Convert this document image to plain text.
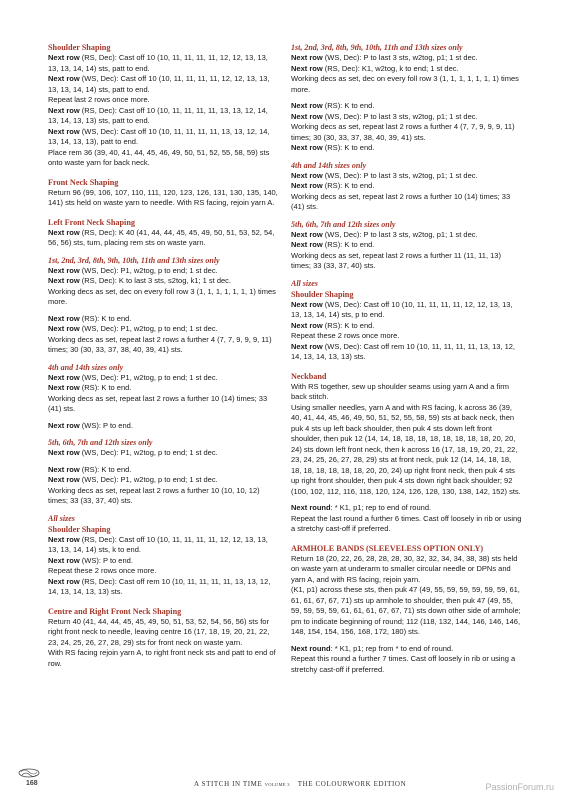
Shoulder Shaping

Next row (RS, Dec): Cast off 10 (10, 11, 11, 11, 11, 12, 12, 13, 13, 13, 13, 14, 14) sts, patt to end.

Next row (WS, Dec): Cast off 10 (10, 11, 11, 11, 11, 12, 12, 13, 13, 13, 13, 14, 14) sts, patt to end.

Repeat last 2 rows once more.

Next row (RS, Dec): Cast off 10 (10, 11, 11, 11, 11, 13, 13, 12, 14, 13, 14, 13, 13) sts, patt to end.

Next row (WS, Dec): Cast off 10 (10, 11, 11, 11, 11, 13, 13, 12, 14, 13, 14, 13, 13), patt to end.

Place rem 36 (39, 40, 41, 44, 45, 46, 49, 50, 51, 52, 55, 58, 59) sts onto waste yarn for back neck.

Front Neck Shaping

Return 96 (99, 106, 107, 110, 111, 120, 123, 126, 131, 130, 135, 140, 141) sts held on waste yarn to needle. With RS facing, rejoin yarn A.

Left Front Neck Shaping

Next row (RS, Dec): K 40 (41, 44, 44, 45, 45, 49, 50, 51, 53, 52, 54, 56, 56) sts, turn, placing rem sts on waste yarn.

1st, 2nd, 3rd, 8th, 9th, 10th, 11th and 13th sizes only

Next row (WS, Dec): P1, w2tog, p to end; 1 st dec.

Next row (RS, Dec): K to last 3 sts, s2tog, k1; 1 st dec.

Working decs as set, dec on every foll row 3 (1, 1, 1, 1, 1, 1, 1) times more.

Next row (RS): K to end.

Next row (WS, Dec): P1, w2tog, p to end; 1 st dec.

Working decs as set, repeat last 2 rows a further 4 (7, 7, 9, 9, 9, 11) times; 30 (30, 33, 37, 38, 40, 39, 41) sts.

4th and 14th sizes only

Next row (WS, Dec): P1, w2tog, p to end; 1 st dec.

Next row (RS): K to end.

Working decs as set, repeat last 2 rows a further 10 (14) times; 33 (41) sts.

Next row (WS): P to end.

5th, 6th, 7th and 12th sizes only

Next row (WS, Dec): P1, w2tog, p to end; 1 st dec.

Next row (RS): K to end.

Next row (WS, Dec): P1, w2tog, p to end; 1 st dec.

Working decs as set, repeat last 2 rows a further 10 (10, 10, 12) times; 33 (33, 37, 40) sts.

All sizes

Shoulder Shaping

Next row (RS, Dec): Cast off 10 (10, 11, 11, 11, 11, 12, 12, 13, 13, 13, 13, 14, 14) sts, k to end.

Next row (WS): P to end.

Repeat these 2 rows once more.

Next row (RS, Dec): Cast off rem 10 (10, 11, 11, 11, 11, 13, 13, 12, 14, 13, 14, 13, 13) sts.

Centre and Right Front Neck Shaping

Return 40 (41, 44, 44, 45, 45, 49, 50, 51, 53, 52, 54, 56, 56) sts for right front neck to needle, leaving centre 16 (17, 18, 19, 20, 21, 22, 23, 24, 25, 26, 27, 28, 29) sts for front neck on waste yarn.

With RS facing rejoin yarn A, to right front neck sts and patt to end of row.

1st, 2nd, 3rd, 8th, 9th, 10th, 11th and 13th sizes only

Next row (WS, Dec): P to last 3 sts, w2tog, p1; 1 st dec.

Next row (RS, Dec): K1, w2tog, k to end; 1 st dec.

Working decs as set, dec on every foll row 3 (1, 1, 1, 1, 1, 1, 1) times more.

Next row (RS): K to end.

Next row (WS, Dec): P to last 3 sts, w2tog, p1; 1 st dec.

Working decs as set, repeat last 2 rows a further 4 (7, 7, 9, 9, 9, 11) times; 30 (30, 33, 37, 38, 40, 39, 41) sts.

Next row (RS): K to end.

4th and 14th sizes only

Next row (WS, Dec): P to last 3 sts, w2tog, p1; 1 st dec.

Next row (RS): K to end.

Working decs as set, repeat last 2 rows a further 10 (14) times; 33 (41) sts.

5th, 6th, 7th and 12th sizes only

Next row (WS, Dec): P to last 3 sts, w2tog, p1; 1 st dec.

Next row (RS): K to end.

Working decs as set, repeat last 2 rows a further 11 (11, 11, 13) times; 33 (33, 37, 40) sts.

All sizes

Shoulder Shaping

Next row (WS, Dec): Cast off 10 (10, 11, 11, 11, 11, 12, 12, 13, 13, 13, 13, 14, 14) sts, p to end.

Next row (RS): K to end.

Repeat these 2 rows once more.

Next row (WS, Dec): Cast off rem 10 (10, 11, 11, 11, 11, 13, 13, 12, 14, 13, 14, 13, 13) sts.

Neckband

With RS together, sew up shoulder seams using yarn A and a firm back stitch.

Using smaller needles, yarn A and with RS facing, k across 36 (39, 40, 41, 44, 45, 46, 49, 50, 51, 52, 55, 58, 59) sts at back neck, then puk 4 sts up left back shoulder, then puk 4 sts down left front shoulder, then puk 12 (14, 14, 18, 18, 18, 18, 18, 18, 18, 18, 20, 20, 24) sts down left front neck, then k across 16 (17, 18, 19, 20, 21, 22, 23, 24, 25, 26, 27, 28, 29) sts at front neck, puk 12 (14, 14, 18, 18, 18, 18, 18, 18, 18, 18, 20, 20, 24) up right front neck, then puk 4 sts up right front shoulder, then puk 4 sts down right back shoulder; 92 (100, 102, 112, 116, 118, 120, 124, 126, 128, 130, 138, 142, 152) sts.

Next round: * K1, p1; rep to end of round.

Repeat the last round a further 6 times. Cast off loosely in rib or using a stretchy cast-off if preferred.

ARMHOLE BANDS (SLEEVELESS OPTION ONLY)

Return 18 (20, 22, 26, 28, 28, 28, 30, 32, 32, 34, 34, 38, 38) sts held on waste yarn at underarm to smaller circular needle or DPNs and yarn A, and with RS facing, rejoin yarn.

(K1, p1) across these sts, then puk 47 (49, 55, 59, 59, 59, 59, 59, 61, 61, 61, 67, 67, 71) sts up armhole to shoulder, then puk 47 (49, 55, 59, 59, 59, 59, 61, 61, 61, 67, 67, 71) sts down other side of armhole; pm to indicate beginning of round; 112 (118, 132, 144, 146, 146, 146, 148, 154, 154, 156, 168, 172, 180) sts.

Next round: * K1, p1; rep from * to end of round.

Repeat this round a further 7 times. Cast off loosely in rib or using a stretchy cast-off if preferred.

168	A STITCH IN TIME VOLUME 3 THE COLOURWORK EDITION	PassionForum.ru
